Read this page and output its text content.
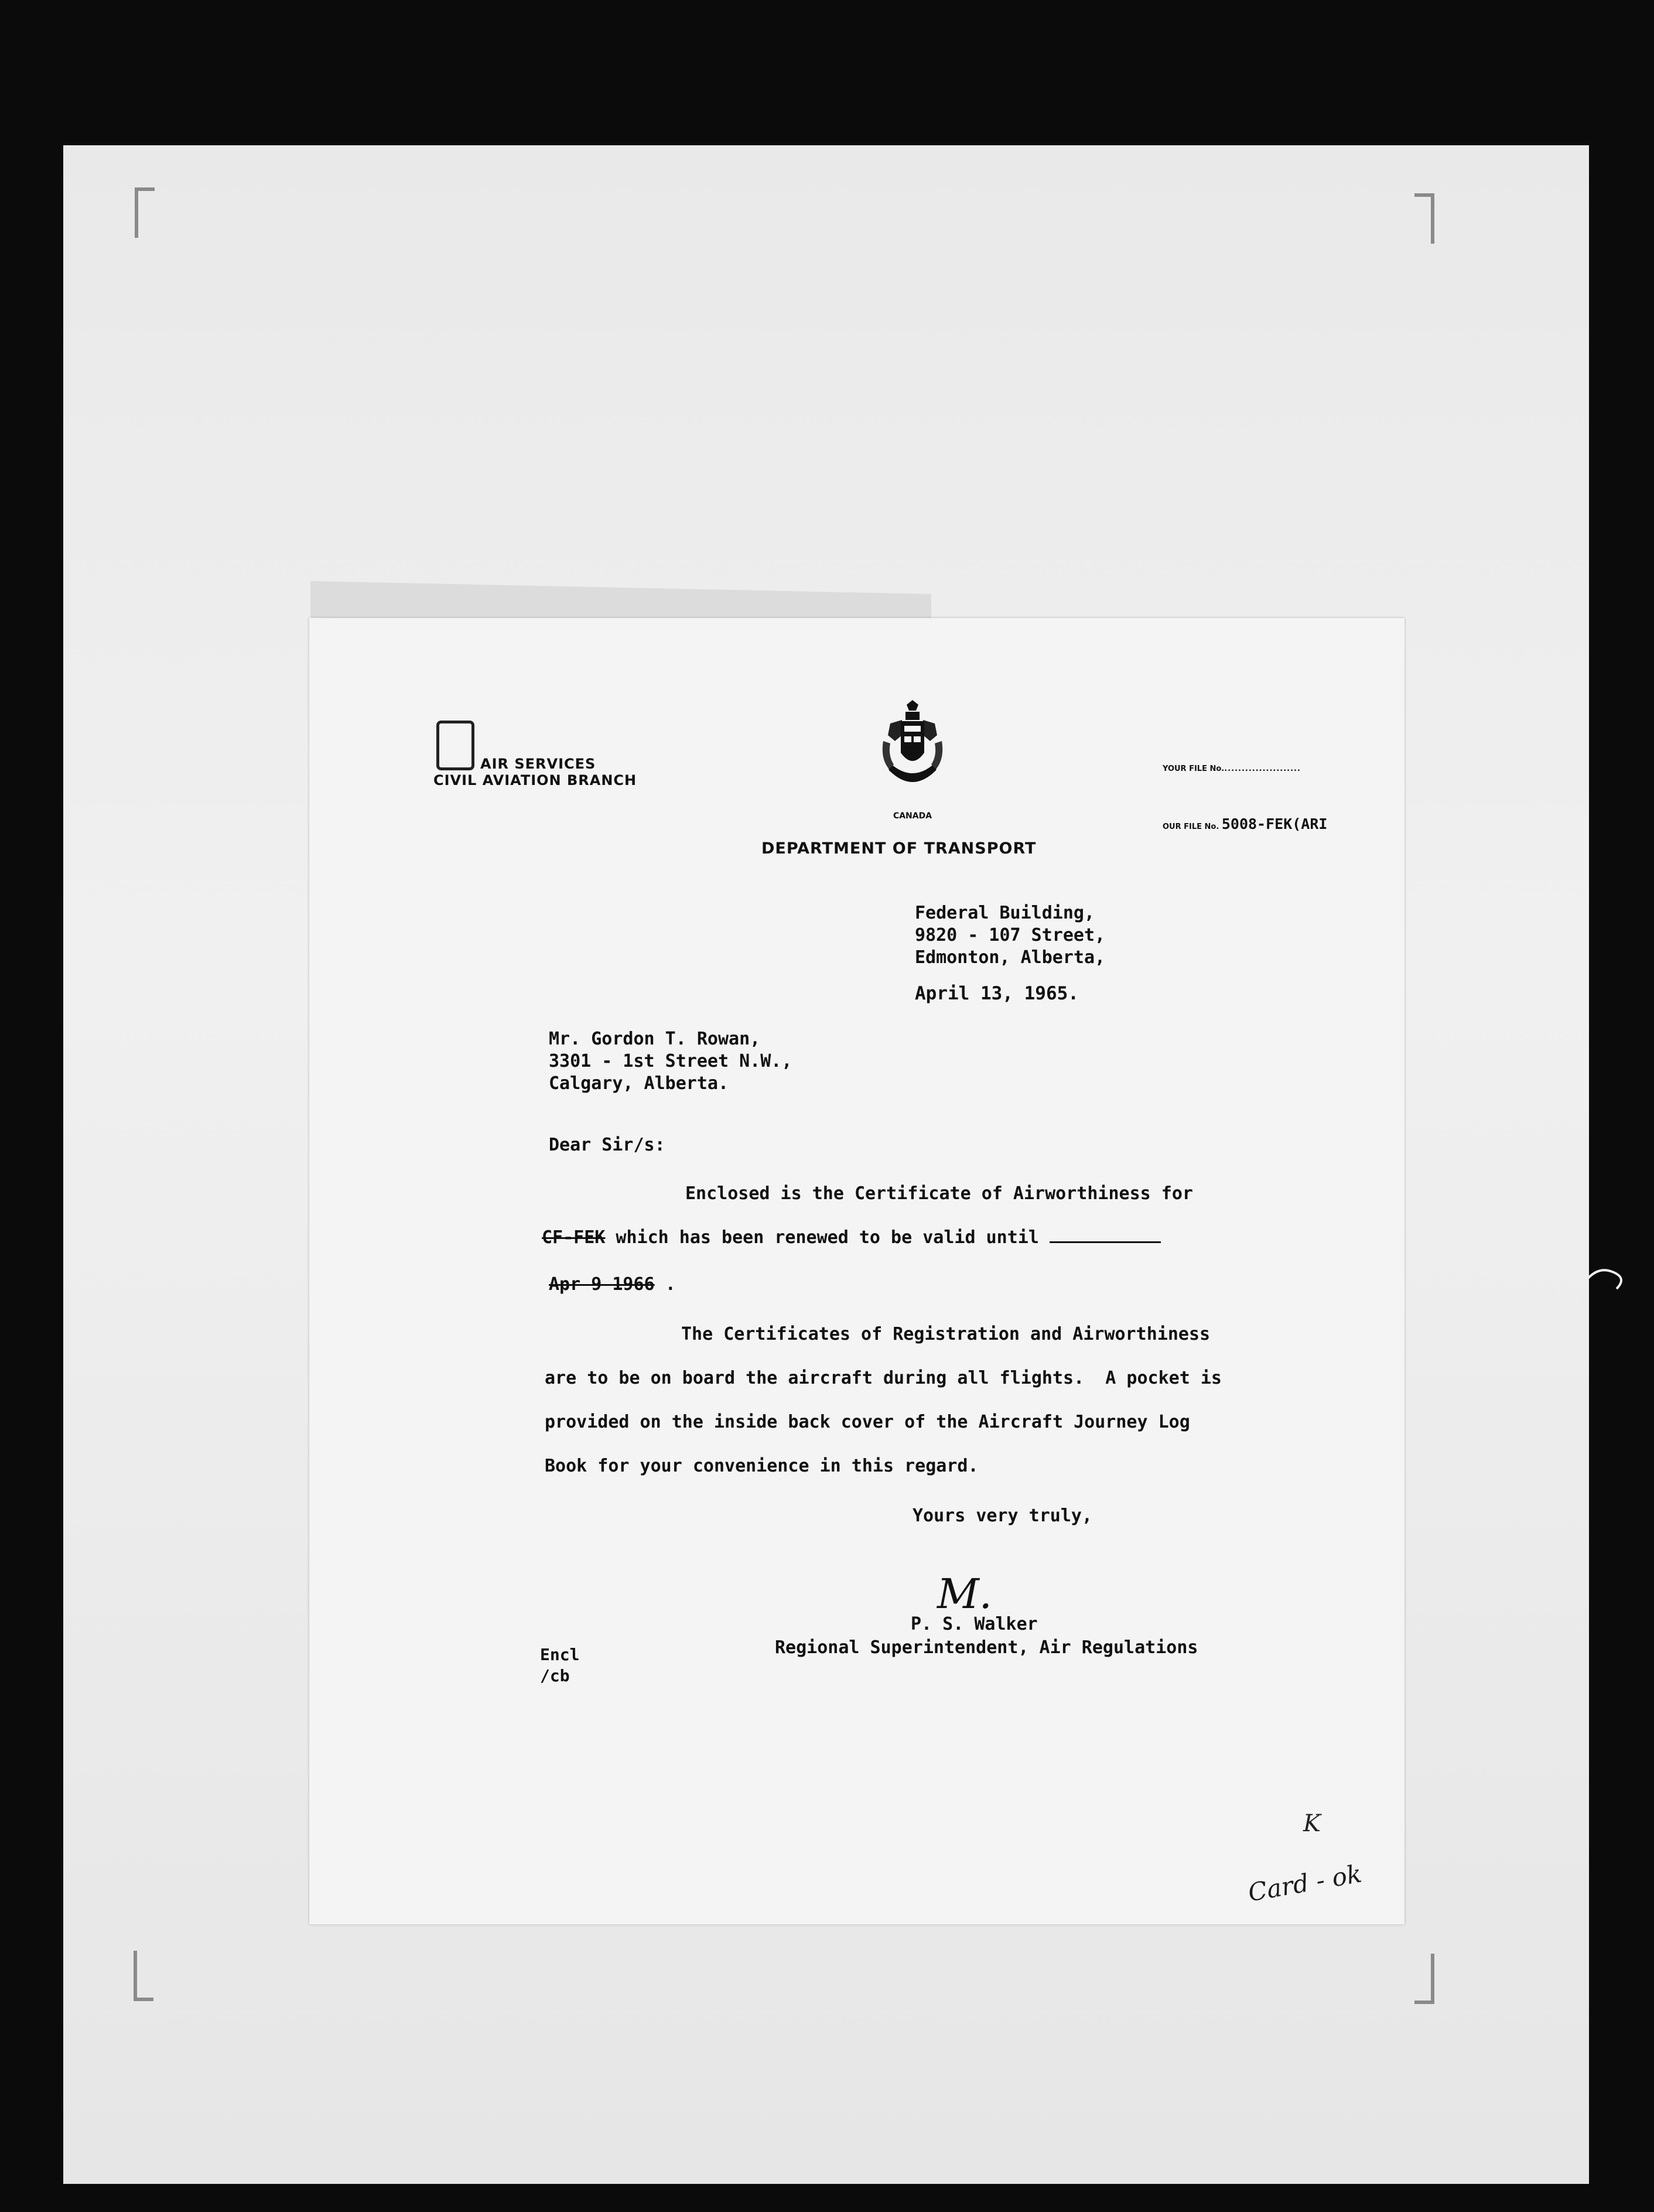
AIR SERVICES
CIVIL AVIATION BRANCH
CANADA
DEPARTMENT OF TRANSPORT
YOUR FILE No.......................
OUR FILE No. 5008-FEK(ARI
Federal Building,
9820 - 107 Street,
Edmonton, Alberta,
April 13, 1965.
Mr. Gordon T. Rowan,
3301 - 1st Street N.W.,
Calgary, Alberta.
Dear Sir/s:
Enclosed is the Certificate of Airworthiness for
CF-FEK which has been renewed to be valid until
Apr 9 1966 .
The Certificates of Registration and Airworthiness
are to be on board the aircraft during all flights.  A pocket is
provided on the inside back cover of the Aircraft Journey Log
Book for your convenience in this regard.
Yours very truly,
M.
P. S. Walker
Regional Superintendent, Air Regulations
Encl
/cb
K
Card - ok
